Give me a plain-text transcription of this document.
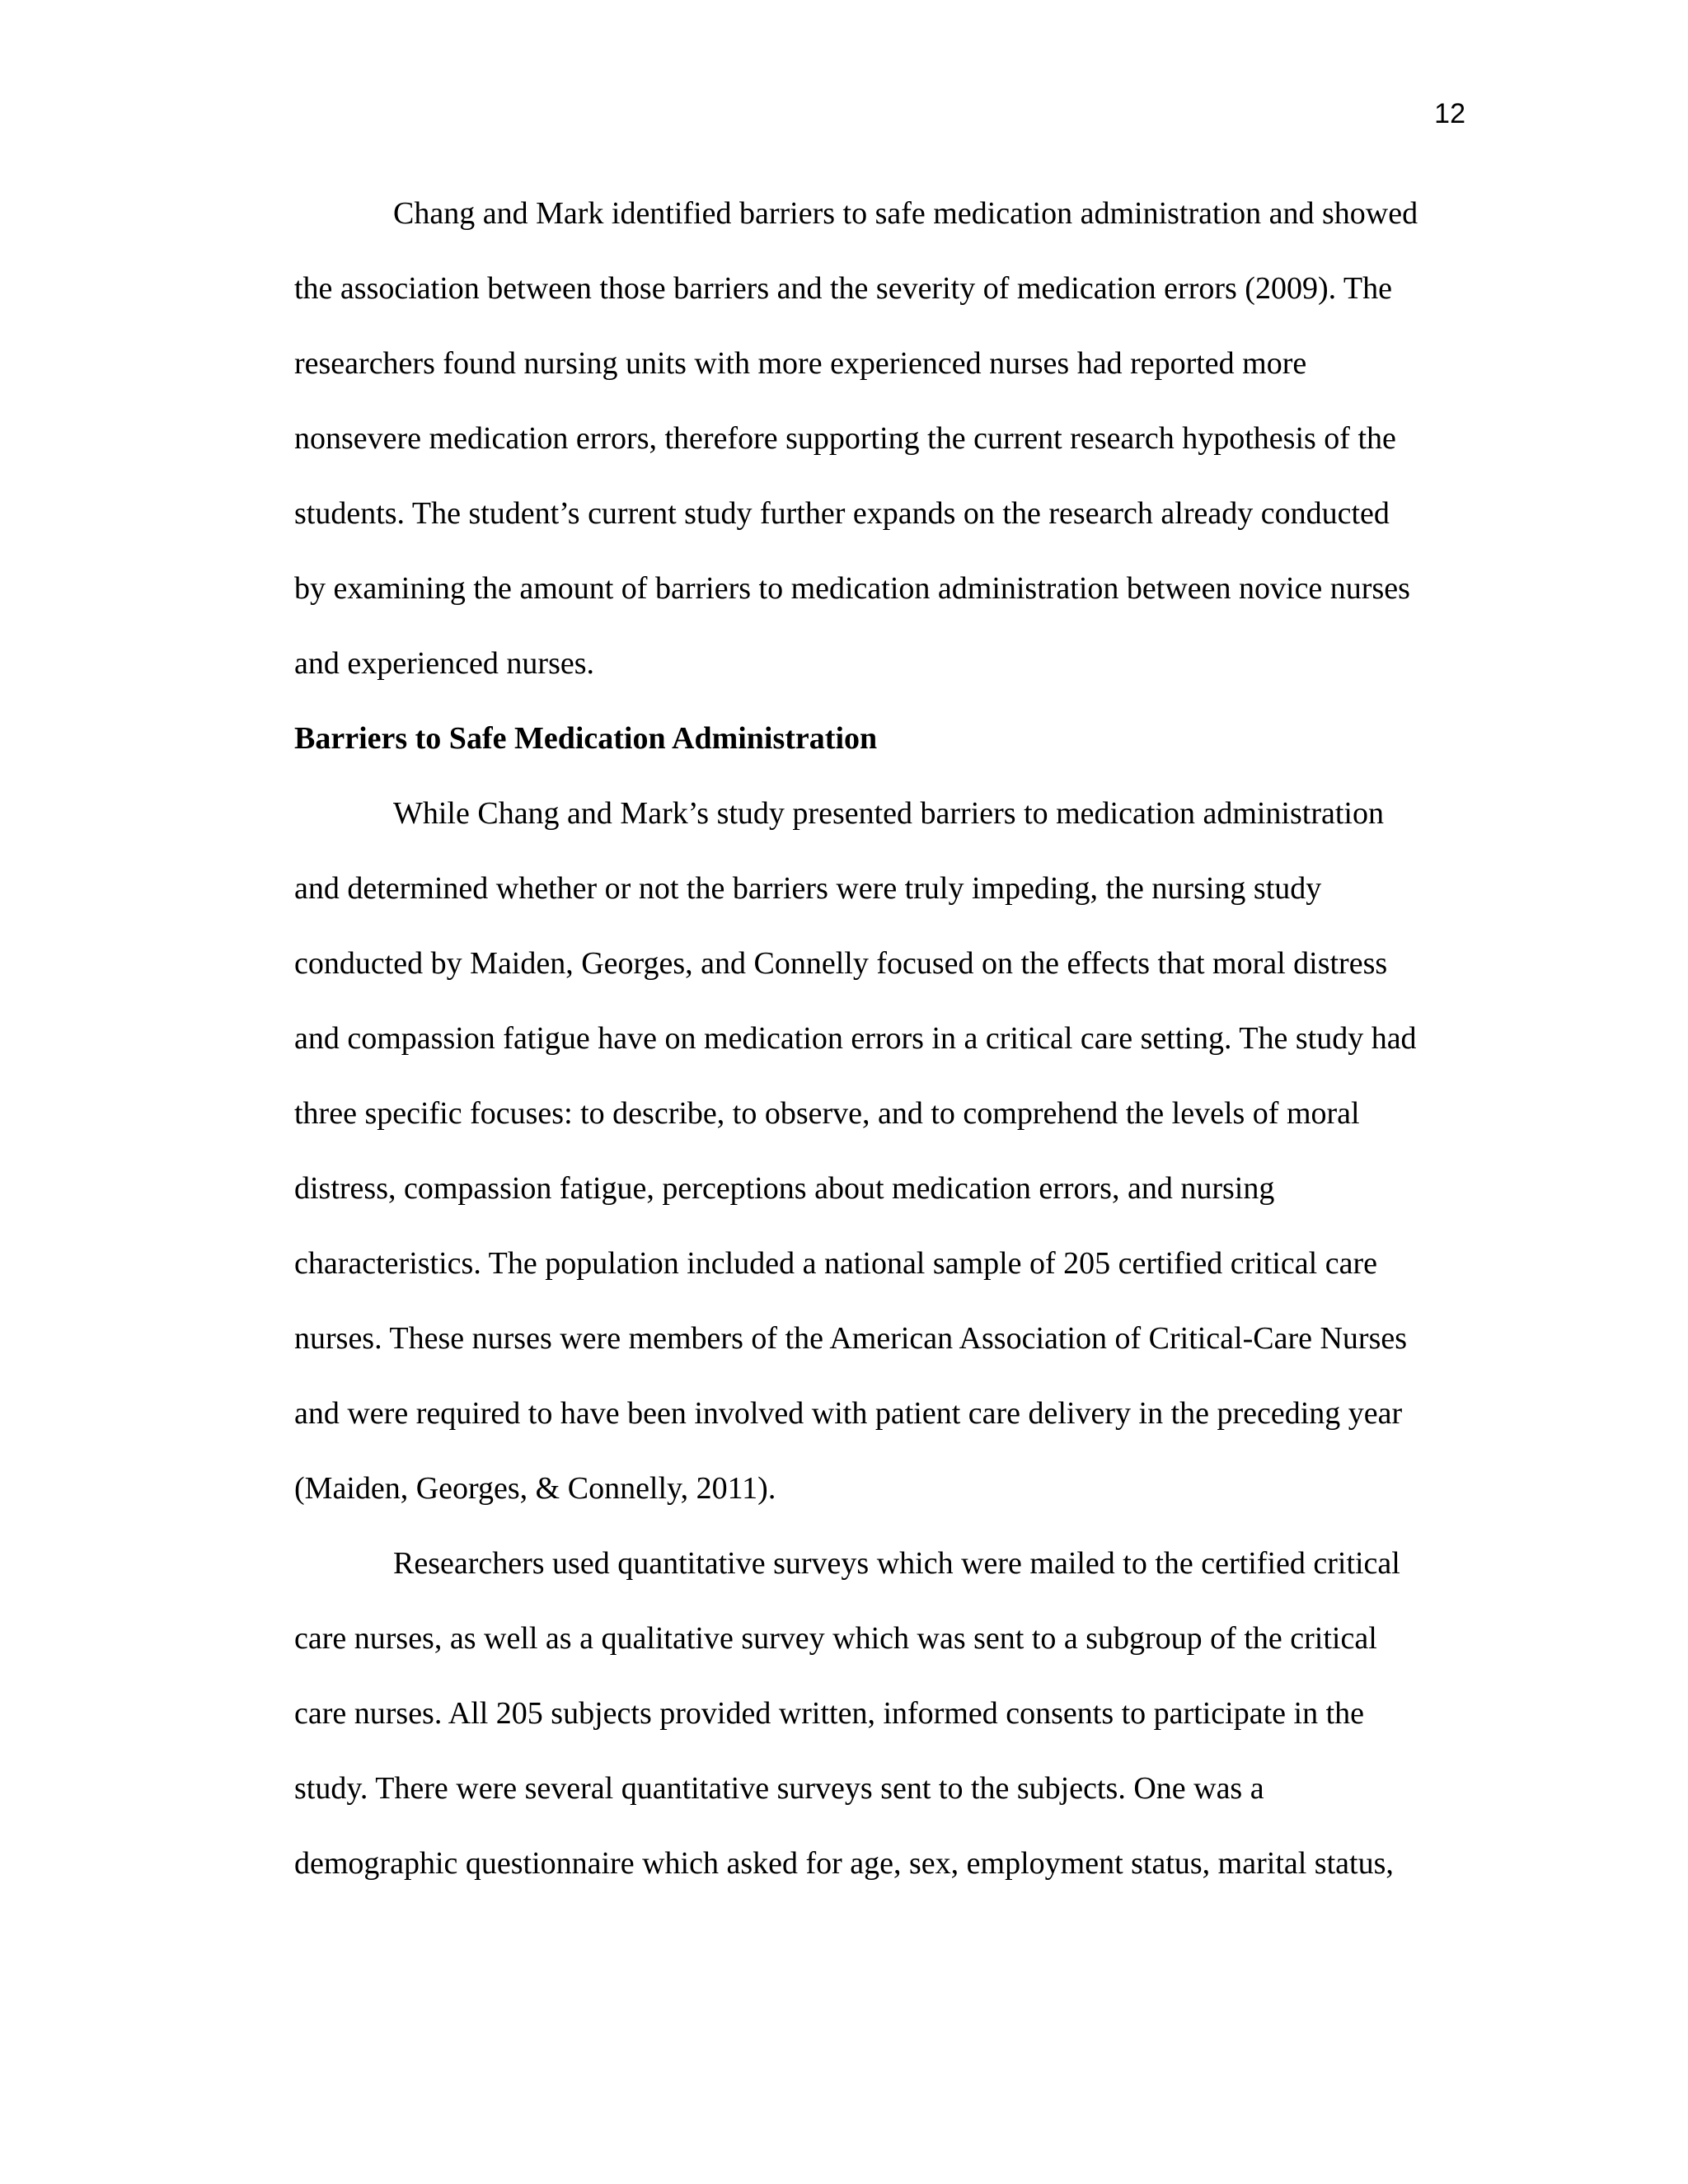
12
Chang and Mark identified barriers to safe medication administration and showed
the association between those barriers and the severity of medication errors (2009). The
researchers found nursing units with more experienced nurses had reported more
nonsevere medication errors, therefore supporting the current research hypothesis of the
students. The student’s current study further expands on the research already conducted
by examining the amount of barriers to medication administration between novice nurses
and experienced nurses.
Barriers to Safe Medication Administration
While Chang and Mark’s study presented barriers to medication administration
and determined whether or not the barriers were truly impeding, the nursing study
conducted by Maiden, Georges, and Connelly focused on the effects that moral distress
and compassion fatigue have on medication errors in a critical care setting. The study had
three specific focuses: to describe, to observe, and to comprehend the levels of moral
distress, compassion fatigue, perceptions about medication errors, and nursing
characteristics. The population included a national sample of 205 certified critical care
nurses. These nurses were members of the American Association of Critical-Care Nurses
and were required to have been involved with patient care delivery in the preceding year
(Maiden, Georges, & Connelly, 2011).
Researchers used quantitative surveys which were mailed to the certified critical
care nurses, as well as a qualitative survey which was sent to a subgroup of the critical
care nurses. All 205 subjects provided written, informed consents to participate in the
study. There were several quantitative surveys sent to the subjects. One was a
demographic questionnaire which asked for age, sex, employment status, marital status,
